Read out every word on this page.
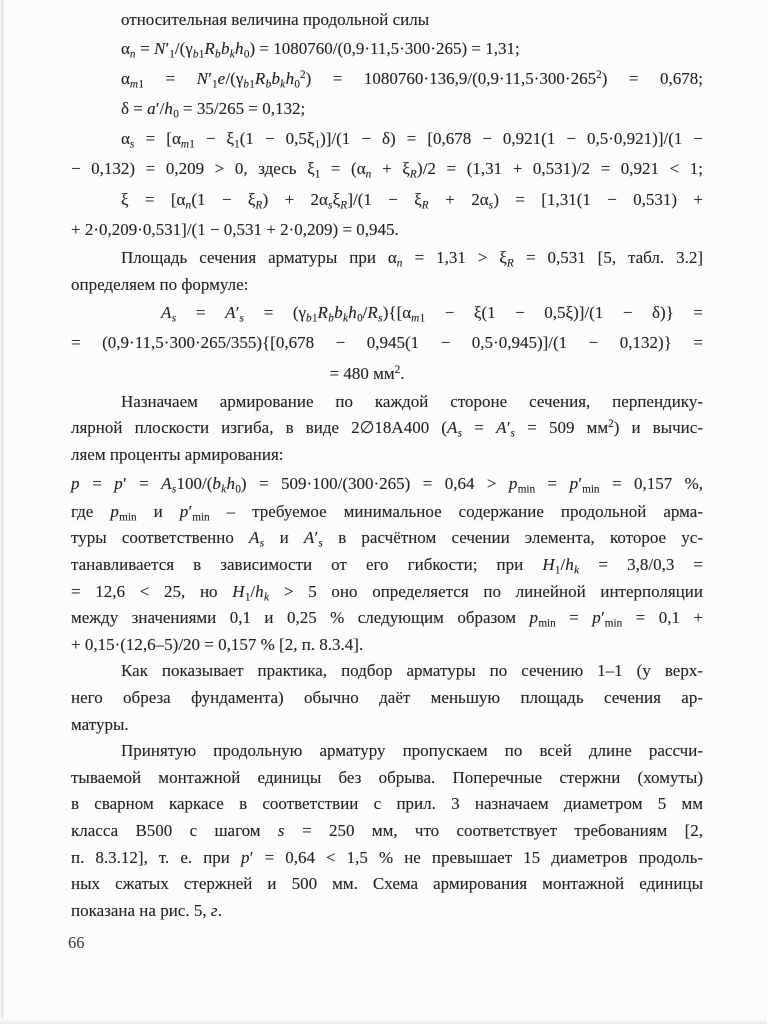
относительная величина продольной силы
$\alpha_n = N'_1/(\gamma_{b1}R_bb_kh_0) = 1080760/(0,9\cdot 11,5\cdot 300\cdot 265) = 1,31$;
$\alpha_{m1} = N'_1e/(\gamma_{b1}R_bb_kh_0^2) = 1080760\cdot 136,9/(0,9\cdot 11,5\cdot 300\cdot 265^2) = 0,678$;
$\delta = a'/h_0 = 35/265 = 0,132$;
$\alpha_s = [\alpha_{m1} - \xi_1(1 - 0,5\xi_1)]/(1 - \delta) = [0,678 - 0,921(1 - 0,5\cdot 0,921)]/(1$ −
− 0,132) = 0,209 > 0, здесь $\xi_1 = (\alpha_n + \xi_R)/2 = (1,31 + 0,531)/2 = 0,921 < 1$;
$\xi = [\alpha_n(1 - \xi_R) + 2\alpha_s\xi_R]/(1 - \xi_R + 2\alpha_s) = [1,31(1 - 0,531)$ +
+ 2·0,209·0,531]/(1 − 0,531 + 2·0,209) = 0,945.
Площадь сечения арматуры при $\alpha_n = 1,31 > \xi_R = 0,531$ [5, табл. 3.2]
определяем по формуле:
$A_s = A'_s = (\gamma_{b1}R_bb_kh_0/R_s)\{[\alpha_{m1} - \xi(1 - 0,5\xi)]/(1 - \delta)\}$ =
= (0,9·11,5·300·265/355){[0,678 − 0,945(1 − 0,5·0,945)]/(1 − 0,132)} =
= 480 $мм^2$.
Назначаем армирование по каждой стороне сечения, перпендику-
лярной плоскости изгиба, в виде 2∅18А400 ($A_s = A'_s = 509$ $мм^2$) и вычис-
ляем проценты армирования:
$p = p' = A_s100/(b_kh_0) = 509\cdot 100/(300\cdot 265) = 0,64 > p_{min} = p'_{min} = 0,157$ %,
где $p_{min}$ и $p'_{min}$ – требуемое минимальное содержание продольной арма-
туры соответственно $A_s$ и $A'_s$ в расчётном сечении элемента, которое ус-
танавливается в зависимости от его гибкости; при $H_1/h_k = 3,8/0,3$ =
= 12,6 < 25, но $H_1/h_k > 5$ оно определяется по линейной интерполяции
между значениями 0,1 и 0,25 % следующим образом $p_{min} = p'_{min} = 0,1$ +
+ 0,15·(12,6–5)/20 = 0,157 % [2, п. 8.3.4].
Как показывает практика, подбор арматуры по сечению 1–1 (у верх-
него обреза фундамента) обычно даёт меньшую площадь сечения ар-
матуры.
Принятую продольную арматуру пропускаем по всей длине рассчи-
тываемой монтажной единицы без обрыва. Поперечные стержни (хомуты)
в сварном каркасе в соответствии с прил. 3 назначаем диаметром 5 мм
класса В500 с шагом s = 250 мм, что соответствует требованиям [2,
п. 8.3.12], т. е. при p′ = 0,64 < 1,5 % не превышает 15 диаметров продоль-
ных сжатых стержней и 500 мм. Схема армирования монтажной единицы
показана на рис. 5, г.
66
